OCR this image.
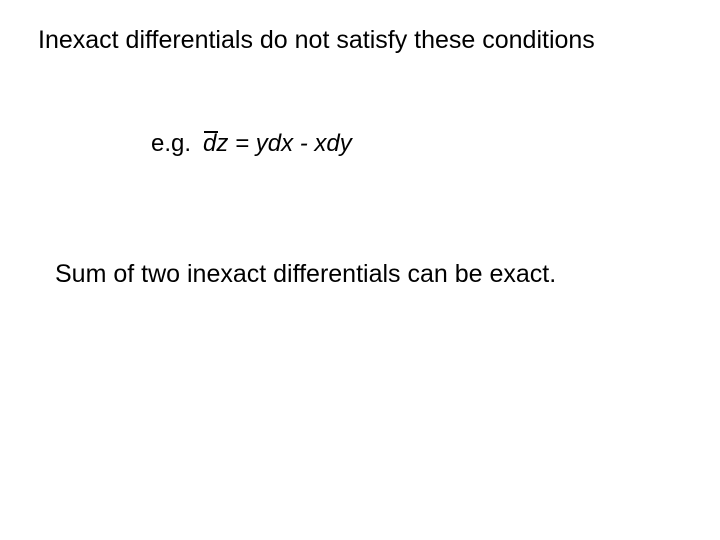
Inexact differentials do not satisfy these conditions
e.g. dz = ydx - xdy
Sum of two inexact differentials can be exact.
